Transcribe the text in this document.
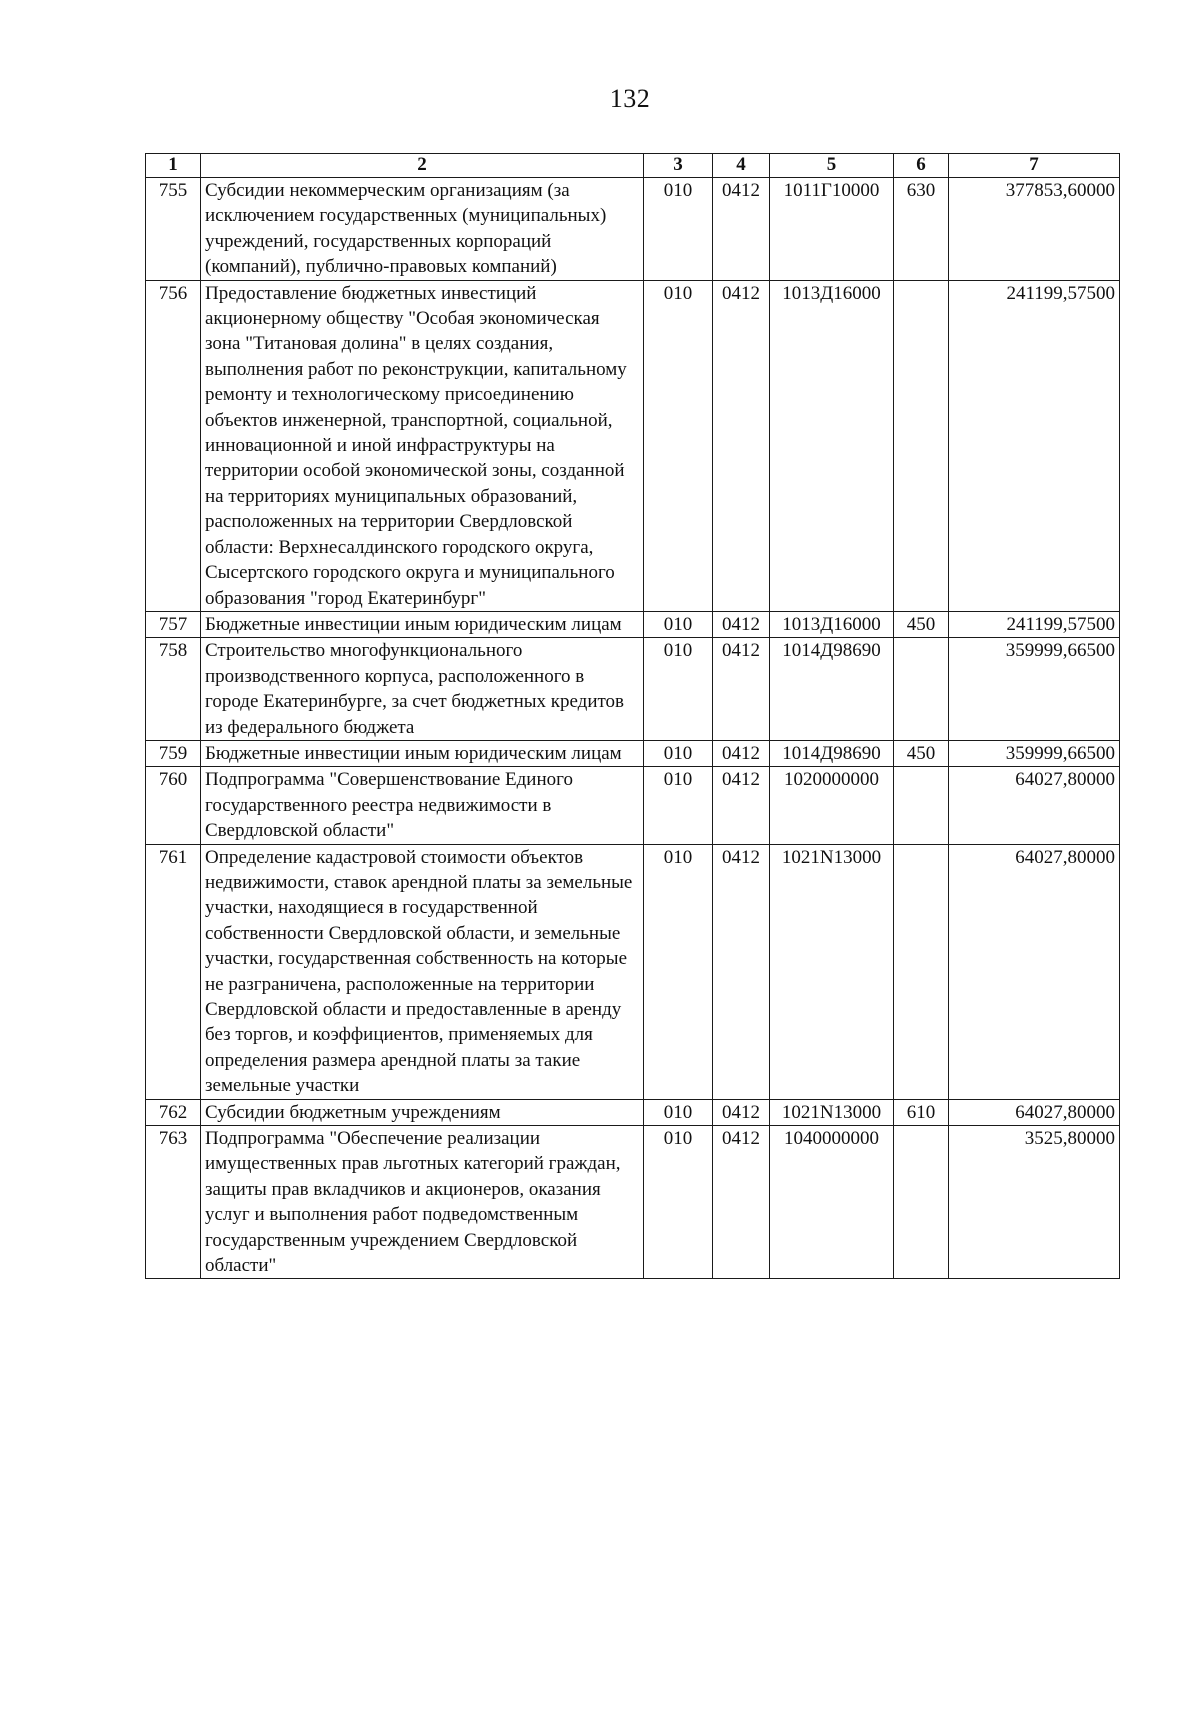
132
1	2	3	4	5	6	7
755	Субсидии некоммерческим организациям (за исключением государственных (муниципальных) учреждений, государственных корпораций (компаний), публично-правовых компаний)	010	0412	1011Г10000	630	377853,60000
756	Предоставление бюджетных инвестиций акционерному обществу "Особая экономическая зона "Титановая долина" в целях создания, выполнения работ по реконструкции, капитальному ремонту и технологическому присоединению объектов инженерной, транспортной, социальной, инновационной и иной инфраструктуры на территории особой экономической зоны, созданной на территориях муниципальных образований, расположенных на территории Свердловской области: Верхнесалдинского городского округа, Сысертского городского округа и муниципального образования "город Екатеринбург"	010	0412	1013Д16000		241199,57500
757	Бюджетные инвестиции иным юридическим лицам	010	0412	1013Д16000	450	241199,57500
758	Строительство многофункционального производственного корпуса, расположенного в городе Екатеринбурге, за счет бюджетных кредитов из федерального бюджета	010	0412	1014Д98690		359999,66500
759	Бюджетные инвестиции иным юридическим лицам	010	0412	1014Д98690	450	359999,66500
760	Подпрограмма "Совершенствование Единого государственного реестра недвижимости в Свердловской области"	010	0412	1020000000		64027,80000
761	Определение кадастровой стоимости объектов недвижимости, ставок арендной платы за земельные участки, находящиеся в государственной собственности Свердловской области, и земельные участки, государственная собственность на которые не разграничена, расположенные на территории Свердловской области и предоставленные в аренду без торгов, и коэффициентов, применяемых для определения размера арендной платы за такие земельные участки	010	0412	1021N13000		64027,80000
762	Субсидии бюджетным учреждениям	010	0412	1021N13000	610	64027,80000
763	Подпрограмма "Обеспечение реализации имущественных прав льготных категорий граждан, защиты прав вкладчиков и акционеров, оказания услуг и выполнения работ подведомственным государственным учреждением Свердловской области"	010	0412	1040000000		3525,80000
